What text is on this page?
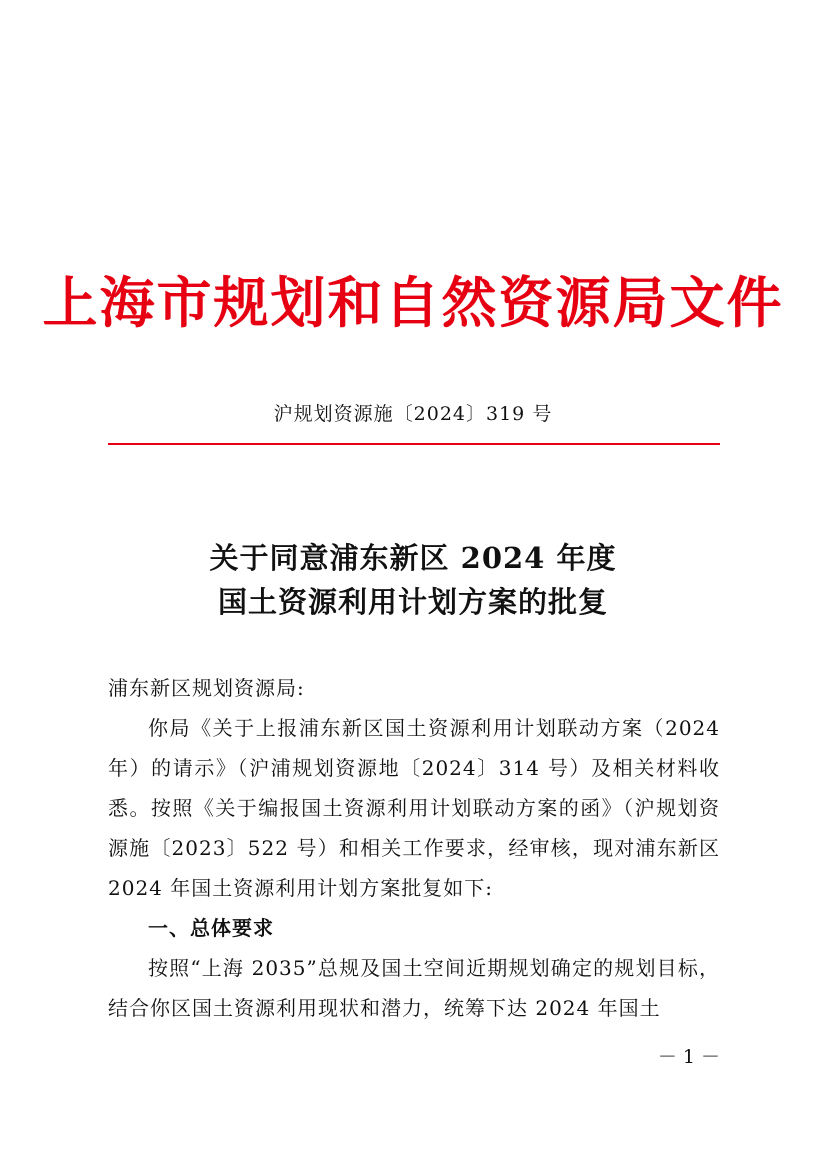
上海市规划和自然资源局文件
沪规划资源施〔2024〕319 号
关于同意浦东新区 2024 年度
国土资源利用计划方案的批复

浦东新区规划资源局:

你局《关于上报浦东新区国土资源利用计划联动方案（2024 年）的请示》（沪浦规划资源地〔2024〕314 号）及相关材料收悉。按照《关于编报国土资源利用计划联动方案的函》（沪规划资源施〔2023〕522 号）和相关工作要求，经审核，现对浦东新区 2024 年国土资源利用计划方案批复如下:

一、总体要求

按照“上海 2035”总规及国土空间近期规划确定的规划目标，结合你区国土资源利用现状和潜力，统筹下达 2024 年国土

－ 1 －
